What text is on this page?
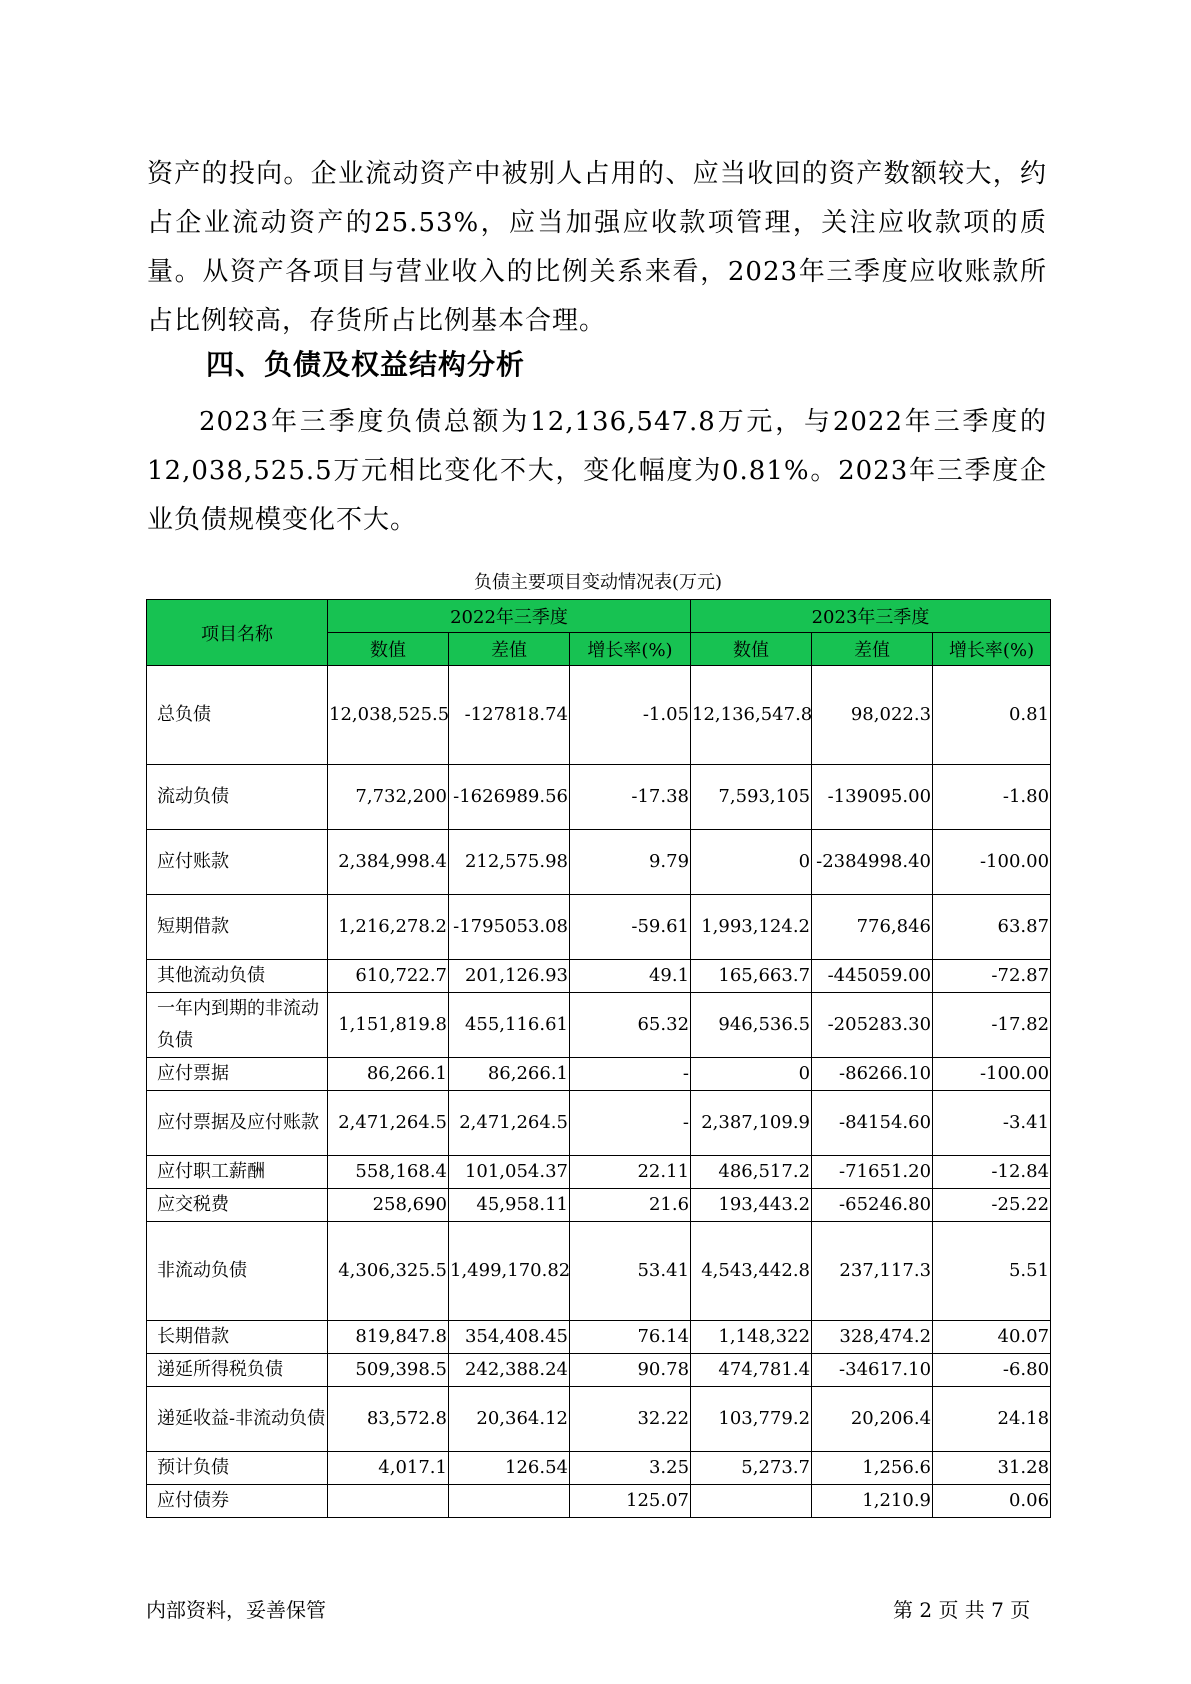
资产的投向。企业流动资产中被别人占用的、应当收回的资产数额较大，约占企业流动资产的25.53%，应当加强应收款项管理，关注应收款项的质量。从资产各项目与营业收入的比例关系来看，2023年三季度应收账款所占比例较高，存货所占比例基本合理。

四、负债及权益结构分析

2023年三季度负债总额为12,136,547.8万元，与2022年三季度的12,038,525.5万元相比变化不大，变化幅度为0.81%。2023年三季度企业负债规模变化不大。

负债主要项目变动情况表(万元)

项目名称	2022年三季度			2023年三季度		
	数值	差值	增长率(%)	数值	差值	增长率(%)
总负债	12,038,525.5	-127818.74	-1.05	12,136,547.8	98,022.3	0.81
流动负债	7,732,200	-1626989.56	-17.38	7,593,105	-139095.00	-1.80
应付账款	2,384,998.4	212,575.98	9.79	0	-2384998.40	-100.00
短期借款	1,216,278.2	-1795053.08	-59.61	1,993,124.2	776,846	63.87
其他流动负债	610,722.7	201,126.93	49.1	165,663.7	-445059.00	-72.87
一年内到期的非流动负债	1,151,819.8	455,116.61	65.32	946,536.5	-205283.30	-17.82
应付票据	86,266.1	86,266.1	-	0	-86266.10	-100.00
应付票据及应付账款	2,471,264.5	2,471,264.5	-	2,387,109.9	-84154.60	-3.41
应付职工薪酬	558,168.4	101,054.37	22.11	486,517.2	-71651.20	-12.84
应交税费	258,690	45,958.11	21.6	193,443.2	-65246.80	-25.22
非流动负债	4,306,325.5	1,499,170.82	53.41	4,543,442.8	237,117.3	5.51
长期借款	819,847.8	354,408.45	76.14	1,148,322	328,474.2	40.07
递延所得税负债	509,398.5	242,388.24	90.78	474,781.4	-34617.10	-6.80
递延收益-非流动负债	83,572.8	20,364.12	32.22	103,779.2	20,206.4	24.18
预计负债	4,017.1	126.54	3.25	5,273.7	1,256.6	31.28
应付债券			125.07		1,210.9	0.06

内部资料，妥善保管	第 2 页 共 7 页
